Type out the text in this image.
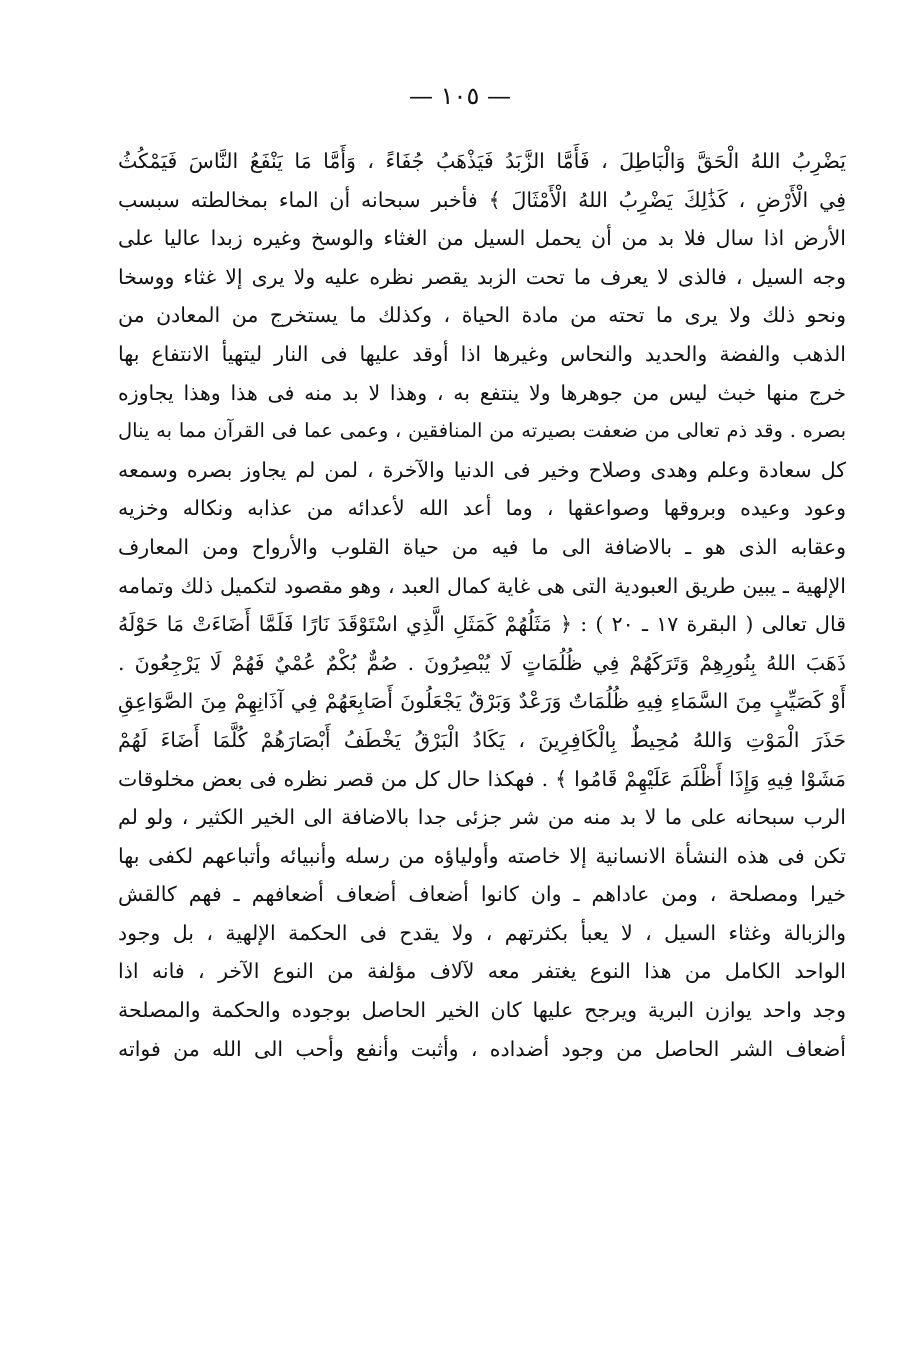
— ١٠٥ —
يَضْرِبُ اللهُ الْحَقَّ وَالْبَاطِلَ ، فَأَمَّا الزَّبَدُ فَيَذْهَبُ جُفَاءً ، وَأَمَّا مَا يَنْفَعُ النَّاسَ فَيَمْكُثُ
فِي الْأَرْضِ ، كَذَٰلِكَ يَضْرِبُ اللهُ الْأَمْثَالَ ﴾ فأخبر سبحانه أن الماء بمخالطته سبسب
الأرض اذا سال فلا بد من أن يحمل السيل من الغثاء والوسخ وغيره زبدا عاليا على
وجه السيل ، فالذى لا يعرف ما تحت الزبد يقصر نظره عليه ولا يرى إلا غثاء ووسخا
ونحو ذلك ولا يرى ما تحته من مادة الحياة ، وكذلك ما يستخرج من المعادن من
الذهب والفضة والحديد والنحاس وغيرها اذا أوقد عليها فى النار ليتهيأ الانتفاع بها
خرج منها خبث ليس من جوهرها ولا ينتفع به ، وهذا لا بد منه فى هذا وهذا يجاوزه
بصره . وقد ذم تعالى من ضعفت بصيرته من المنافقين ، وعمى عما فى القرآن مما به ينال
كل سعادة وعلم وهدى وصلاح وخير فى الدنيا والآخرة ، لمن لم يجاوز بصره وسمعه
وعود وعيده وبروقها وصواعقها ، وما أعد الله لأعدائه من عذابه ونكاله وخزيه
وعقابه الذى هو ـ بالاضافة الى ما فيه من حياة القلوب والأرواح ومن المعارف
الإلهية ـ يبين طريق العبودية التى هى غاية كمال العبد ، وهو مقصود لتكميل ذلك وتمامه
قال تعالى ( البقرة ١٧ ـ ٢٠ ) : ﴿ مَثَلُهُمْ كَمَثَلِ الَّذِي اسْتَوْقَدَ نَارًا فَلَمَّا أَضَاءَتْ مَا حَوْلَهُ
ذَهَبَ اللهُ بِنُورِهِمْ وَتَرَكَهُمْ فِي ظُلُمَاتٍ لَا يُبْصِرُونَ . صُمٌّ بُكْمٌ عُمْيٌ فَهُمْ لَا يَرْجِعُونَ .
أَوْ كَصَيِّبٍ مِنَ السَّمَاءِ فِيهِ ظُلُمَاتٌ وَرَعْدٌ وَبَرْقٌ يَجْعَلُونَ أَصَابِعَهُمْ فِي آذَانِهِمْ مِنَ الصَّوَاعِقِ
حَذَرَ الْمَوْتِ وَاللهُ مُحِيطٌ بِالْكَافِرِينَ ، يَكَادُ الْبَرْقُ يَخْطَفُ أَبْصَارَهُمْ كُلَّمَا أَضَاءَ لَهُمْ
مَشَوْا فِيهِ وَإِذَا أَظْلَمَ عَلَيْهِمْ قَامُوا ﴾ . فهكذا حال كل من قصر نظره فى بعض مخلوقات
الرب سبحانه على ما لا بد منه من شر جزئى جدا بالاضافة الى الخير الكثير ، ولو لم
تكن فى هذه النشأة الانسانية إلا خاصته وأولياؤه من رسله وأنبيائه وأتباعهم لكفى بها
خيرا ومصلحة ، ومن عاداهم ـ وان كانوا أضعاف أضعاف أضعافهم ـ فهم كالقش
والزبالة وغثاء السيل ، لا يعبأ بكثرتهم ، ولا يقدح فى الحكمة الإلهية ، بل وجود
الواحد الكامل من هذا النوع يغتفر معه لآلاف مؤلفة من النوع الآخر ، فانه اذا
وجد واحد يوازن البرية ويرجح عليها كان الخير الحاصل بوجوده والحكمة والمصلحة
أضعاف الشر الحاصل من وجود أضداده ، وأثبت وأنفع وأحب الى الله من فواته
